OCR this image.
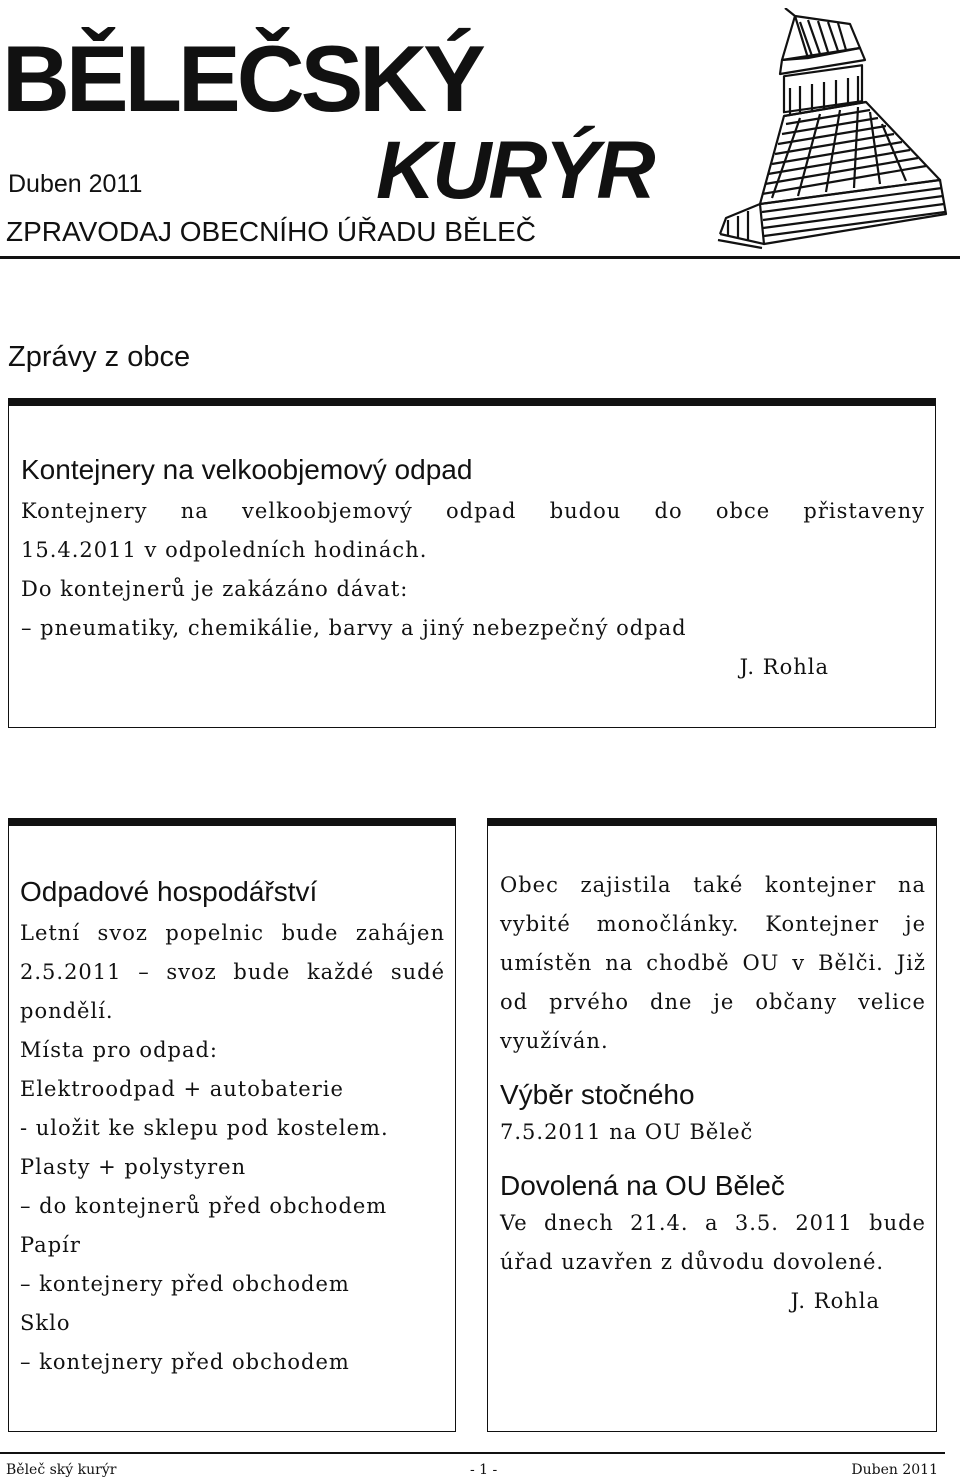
BĚLEČSKÝ
KURÝR
Duben 2011
ZPRAVODAJ OBECNÍHO ÚŘADU BĚLEČ
Zprávy z obce
Kontejnery na velkoobjemový odpad
Kontejnery na velkoobjemový odpad budou do obce přistaveny
15.4.2011 v odpoledních hodinách.
Do kontejnerů je zakázáno dávat:
– pneumatiky, chemikálie, barvy a jiný nebezpečný odpad
J. Rohla
Odpadové hospodářství
Letní svoz popelnic bude zahájen 2.5.2011 – svoz bude každé sudé pondělí.
Místa pro odpad:
Elektroodpad + autobaterie
- uložit ke sklepu pod kostelem.
Plasty + polystyren
– do kontejnerů před obchodem
Papír
– kontejnery před obchodem
Sklo
– kontejnery před obchodem
Obec zajistila také kontejner na vybité monočlánky. Kontejner je umístěn na chodbě OU v Bělči. Již od prvého dne je občany velice využíván.
Výběr stočného
7.5.2011 na OU Běleč
Dovolená na OU Běleč
Ve dnech 21.4. a 3.5. 2011 bude úřad uzavřen z důvodu dovolené.
J. Rohla
Běleč ský kurýr	- 1 -	Duben 2011
